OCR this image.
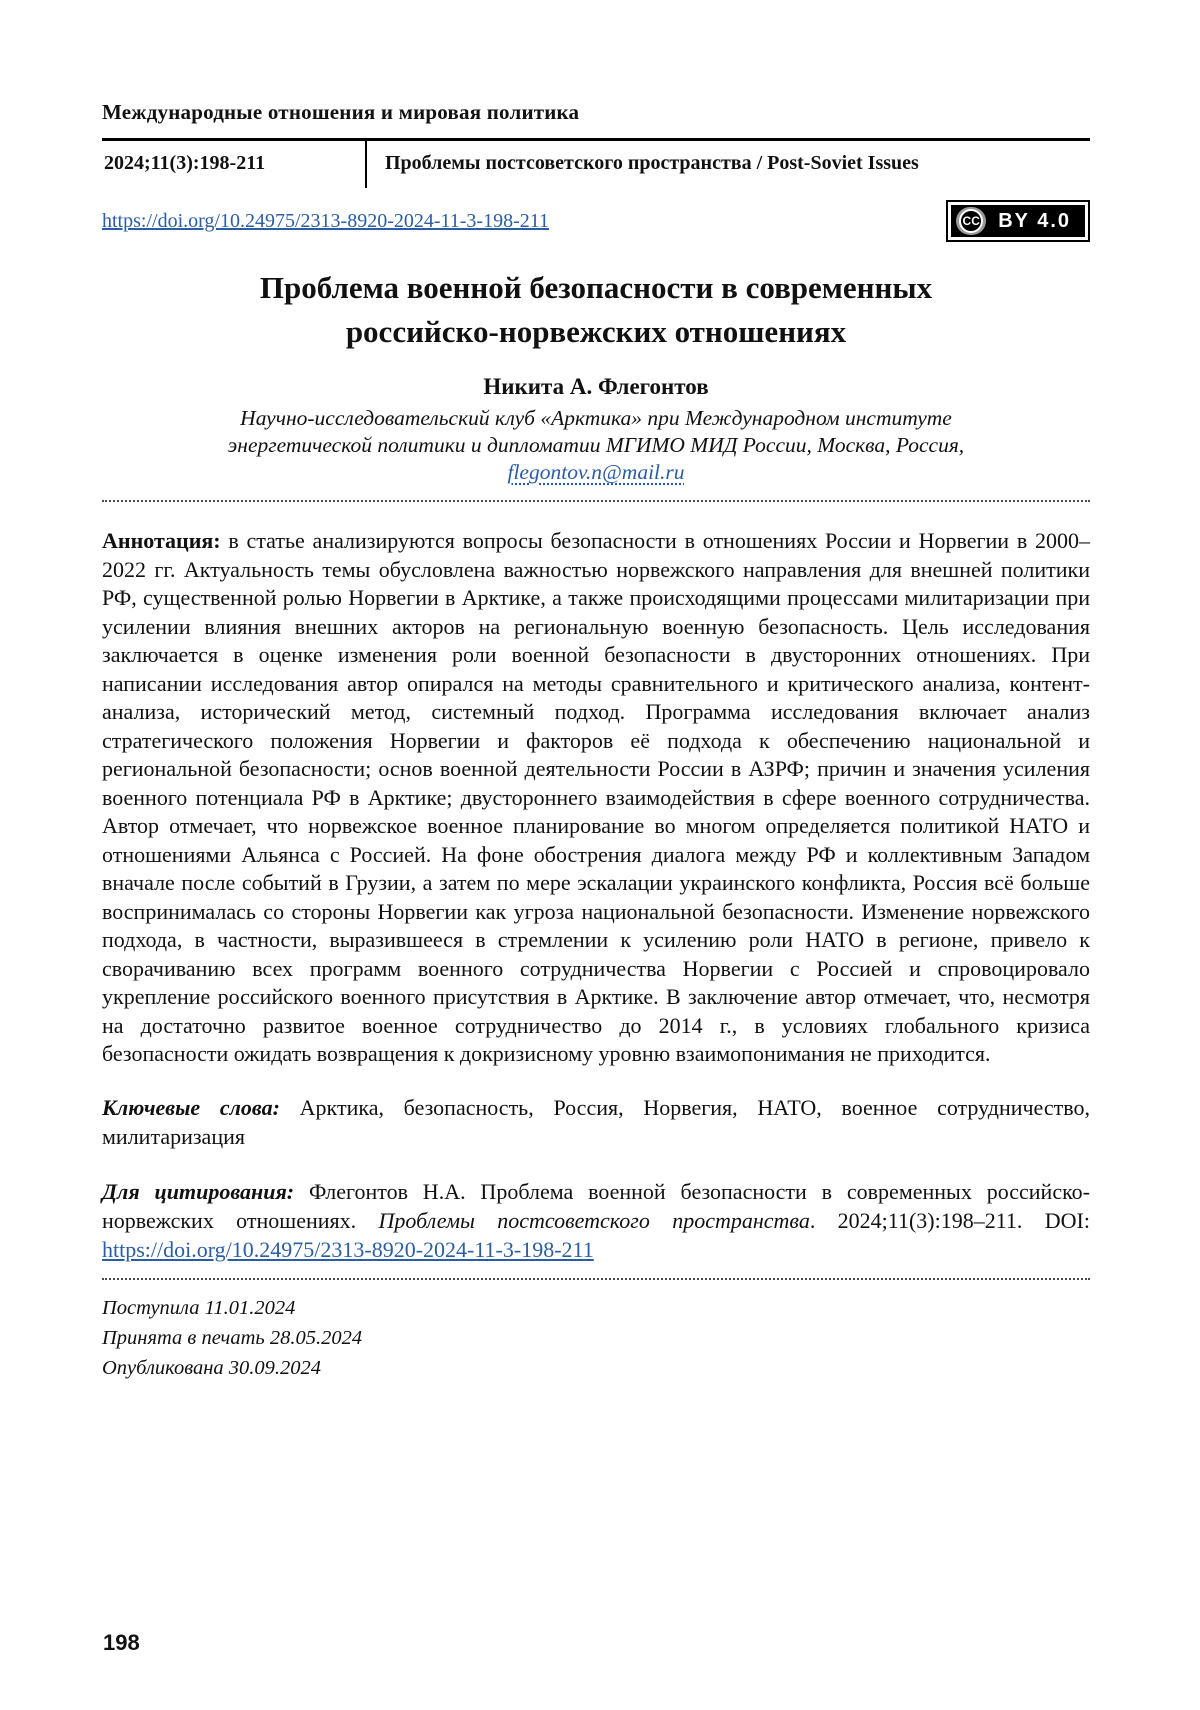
Международные отношения и мировая политика
2024;11(3):198-211	Проблемы постсоветского пространства / Post-Soviet Issues
https://doi.org/10.24975/2313-8920-2024-11-3-198-211	CC BY 4.0
Проблема военной безопасности в современных
российско-норвежских отношениях
Никита А. Флегонтов
Научно-исследовательский клуб «Арктика» при Международном институте
энергетической политики и дипломатии МГИМО МИД России, Москва, Россия,
flegontov.n@mail.ru
Аннотация: в статье анализируются вопросы безопасности в отношениях России и Норвегии в 2000–2022 гг. Актуальность темы обусловлена важностью норвежского направления для внешней политики РФ, существенной ролью Норвегии в Арктике, а также происходящими процессами милитаризации при усилении влияния внешних акторов на региональную военную безопасность. Цель исследования заключается в оценке изменения роли военной безопасности в двусторонних отношениях. При написании исследования автор опирался на методы сравнительного и критического анализа, контент-анализа, исторический метод, системный подход. Программа исследования включает анализ стратегического положения Норвегии и факторов её подхода к обеспечению национальной и региональной безопасности; основ военной деятельности России в АЗРФ; причин и значения усиления военного потенциала РФ в Арктике; двустороннего взаимодействия в сфере военного сотрудничества. Автор отмечает, что норвежское военное планирование во многом определяется политикой НАТО и отношениями Альянса с Россией. На фоне обострения диалога между РФ и коллективным Западом вначале после событий в Грузии, а затем по мере эскалации украинского конфликта, Россия всё больше воспринималась со стороны Норвегии как угроза национальной безопасности. Изменение норвежского подхода, в частности, выразившееся в стремлении к усилению роли НАТО в регионе, привело к сворачиванию всех программ военного сотрудничества Норвегии с Россией и спровоцировало укрепление российского военного присутствия в Арктике. В заключение автор отмечает, что, несмотря на достаточно развитое военное сотрудничество до 2014 г., в условиях глобального кризиса безопасности ожидать возвращения к докризисному уровню взаимопонимания не приходится.
Ключевые слова: Арктика, безопасность, Россия, Норвегия, НАТО, военное сотрудничество, милитаризация
Для цитирования: Флегонтов Н.А. Проблема военной безопасности в современных российско-норвежских отношениях. Проблемы постсоветского пространства. 2024;11(3):198–211. DOI: https://doi.org/10.24975/2313-8920-2024-11-3-198-211
Поступила 11.01.2024
Принята в печать 28.05.2024
Опубликована 30.09.2024
198
